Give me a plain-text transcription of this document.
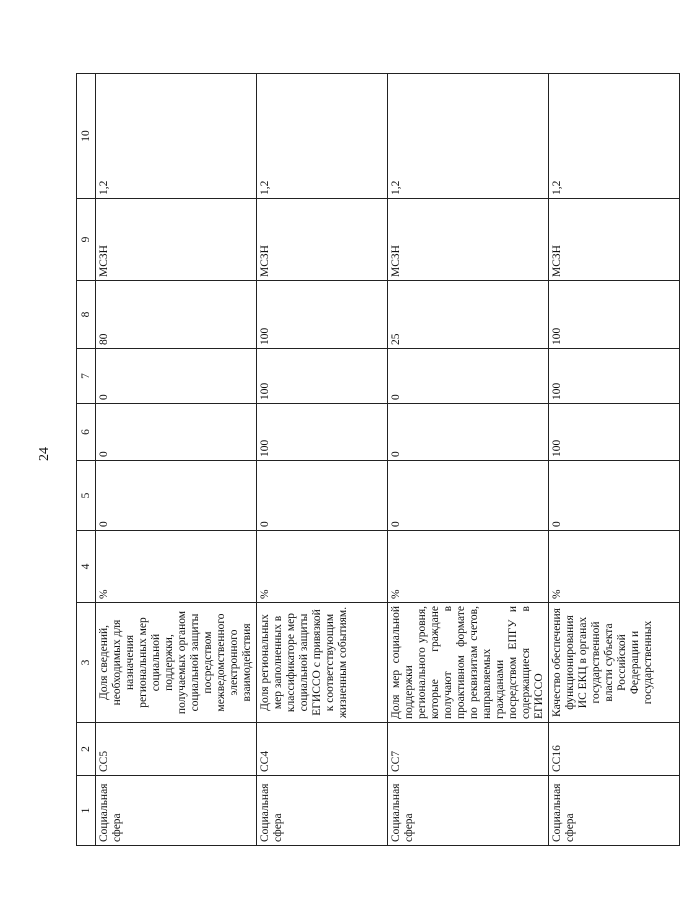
24
1	2	3	4	5	6	7	8	9	10
Социальная сфера	СС5	Доля сведений, необходимых для назначения региональных мер социальной поддержки, получаемых органом социальной защиты посредством межведомственного электронного взаимодействия	%	0	0	0	80	МСЗН	1,2
Социальная сфера	СС4	Доля региональных мер заполненных в классификаторе мер социальной защиты ЕГИССО с привязкой к соответствующим жизненным событиям.	%	0	100	100	100	МСЗН	1,2
Социальная сфера	СС7	Доля мер социальной поддержки регионального уровня, которые граждане получают в проактивном формате по реквизитам счетов, направляемых гражданами посредством ЕПГУ и содержащиеся в ЕГИССО	%	0	0	0	25	МСЗН	1,2
Социальная сфера	СС16	Качество обеспечения функционирования ИС ЕКЦ в органах государственной власти субъекта Российской Федерации и государственных	%	0	100	100	100	МСЗН	1,2
